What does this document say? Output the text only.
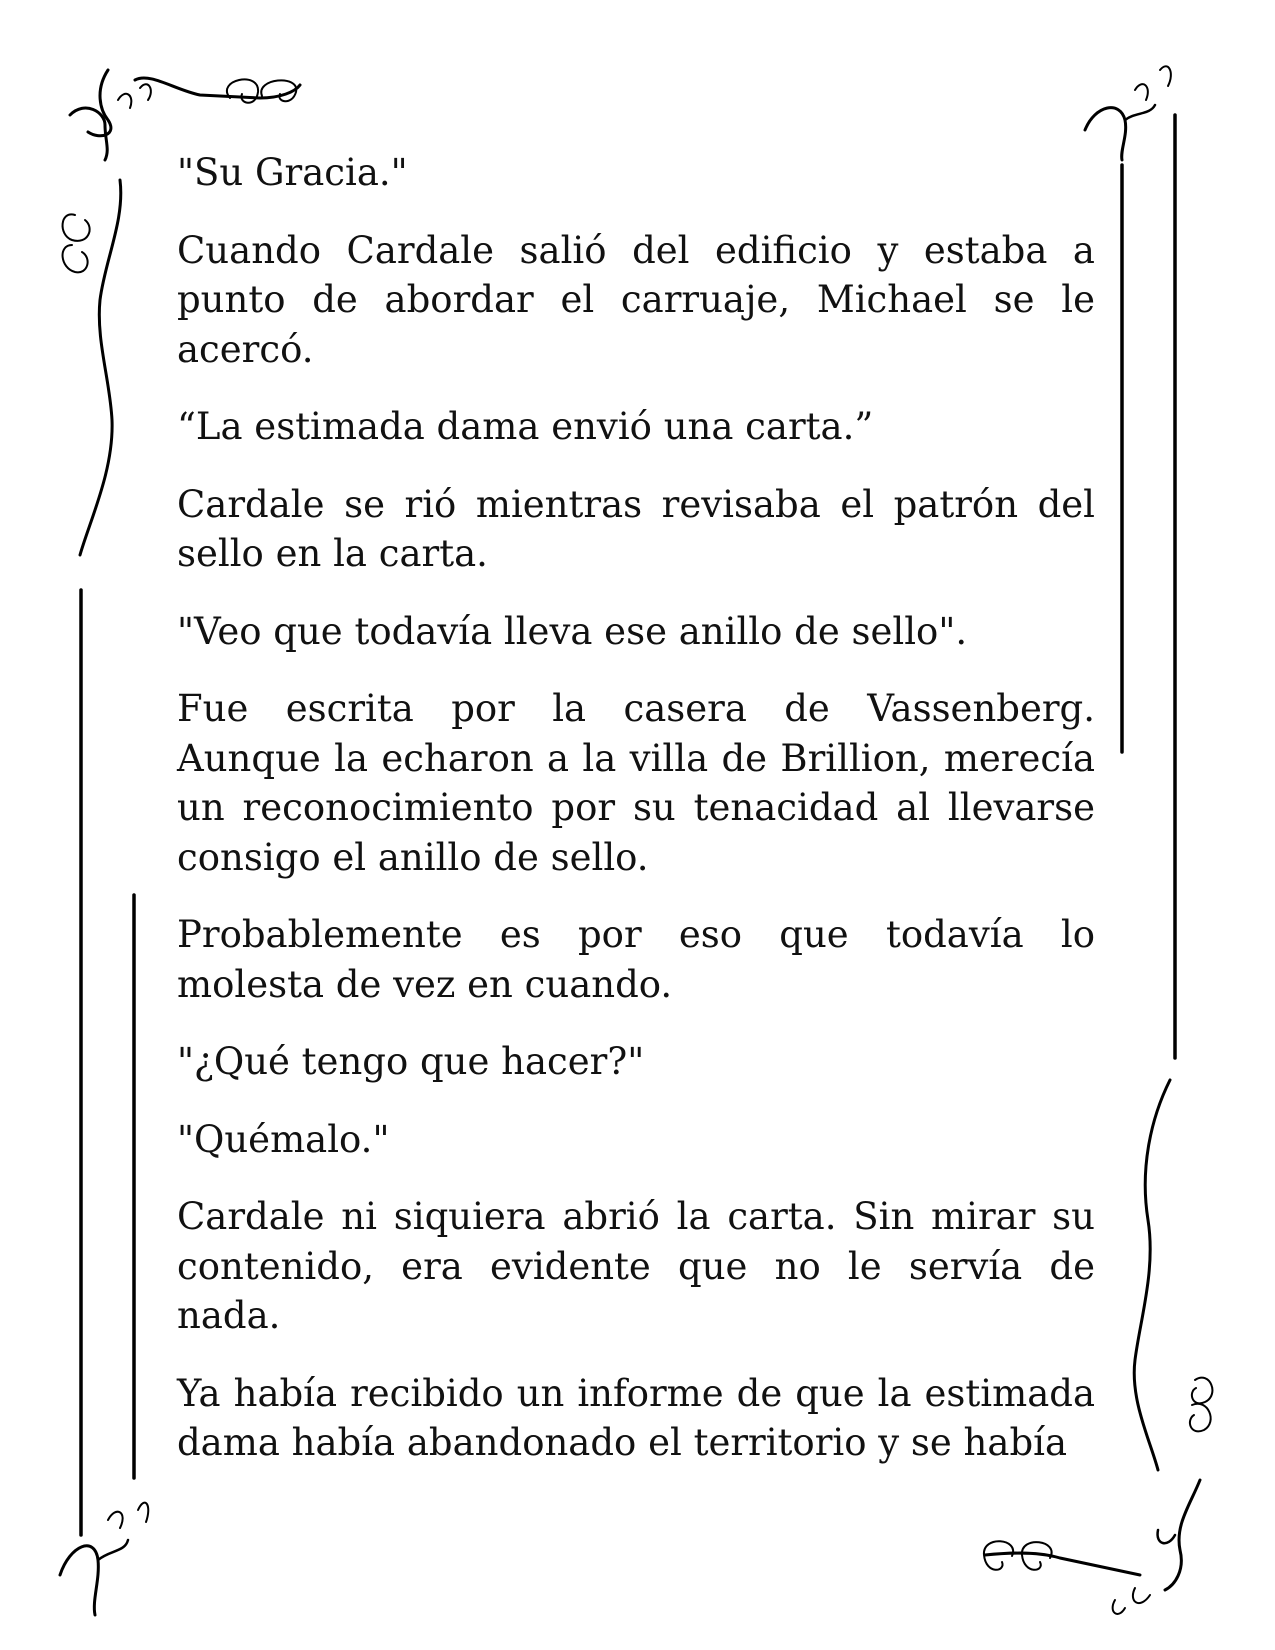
"Su Gracia."

Cuando Cardale salió del edificio y estaba a punto de abordar el carruaje, Michael se le acercó.

“La estimada dama envió una carta.”

Cardale se rió mientras revisaba el patrón del sello en la carta.

"Veo que todavía lleva ese anillo de sello".

Fue escrita por la casera de Vassenberg. Aunque la echaron a la villa de Brillion, merecía un reconocimiento por su tenacidad al llevarse consigo el anillo de sello.

Probablemente es por eso que todavía lo molesta de vez en cuando.

"¿Qué tengo que hacer?"

"Quémalo."

Cardale ni siquiera abrió la carta. Sin mirar su contenido, era evidente que no le servía de nada.

Ya había recibido un informe de que la estimada dama había abandonado el territorio y se había
